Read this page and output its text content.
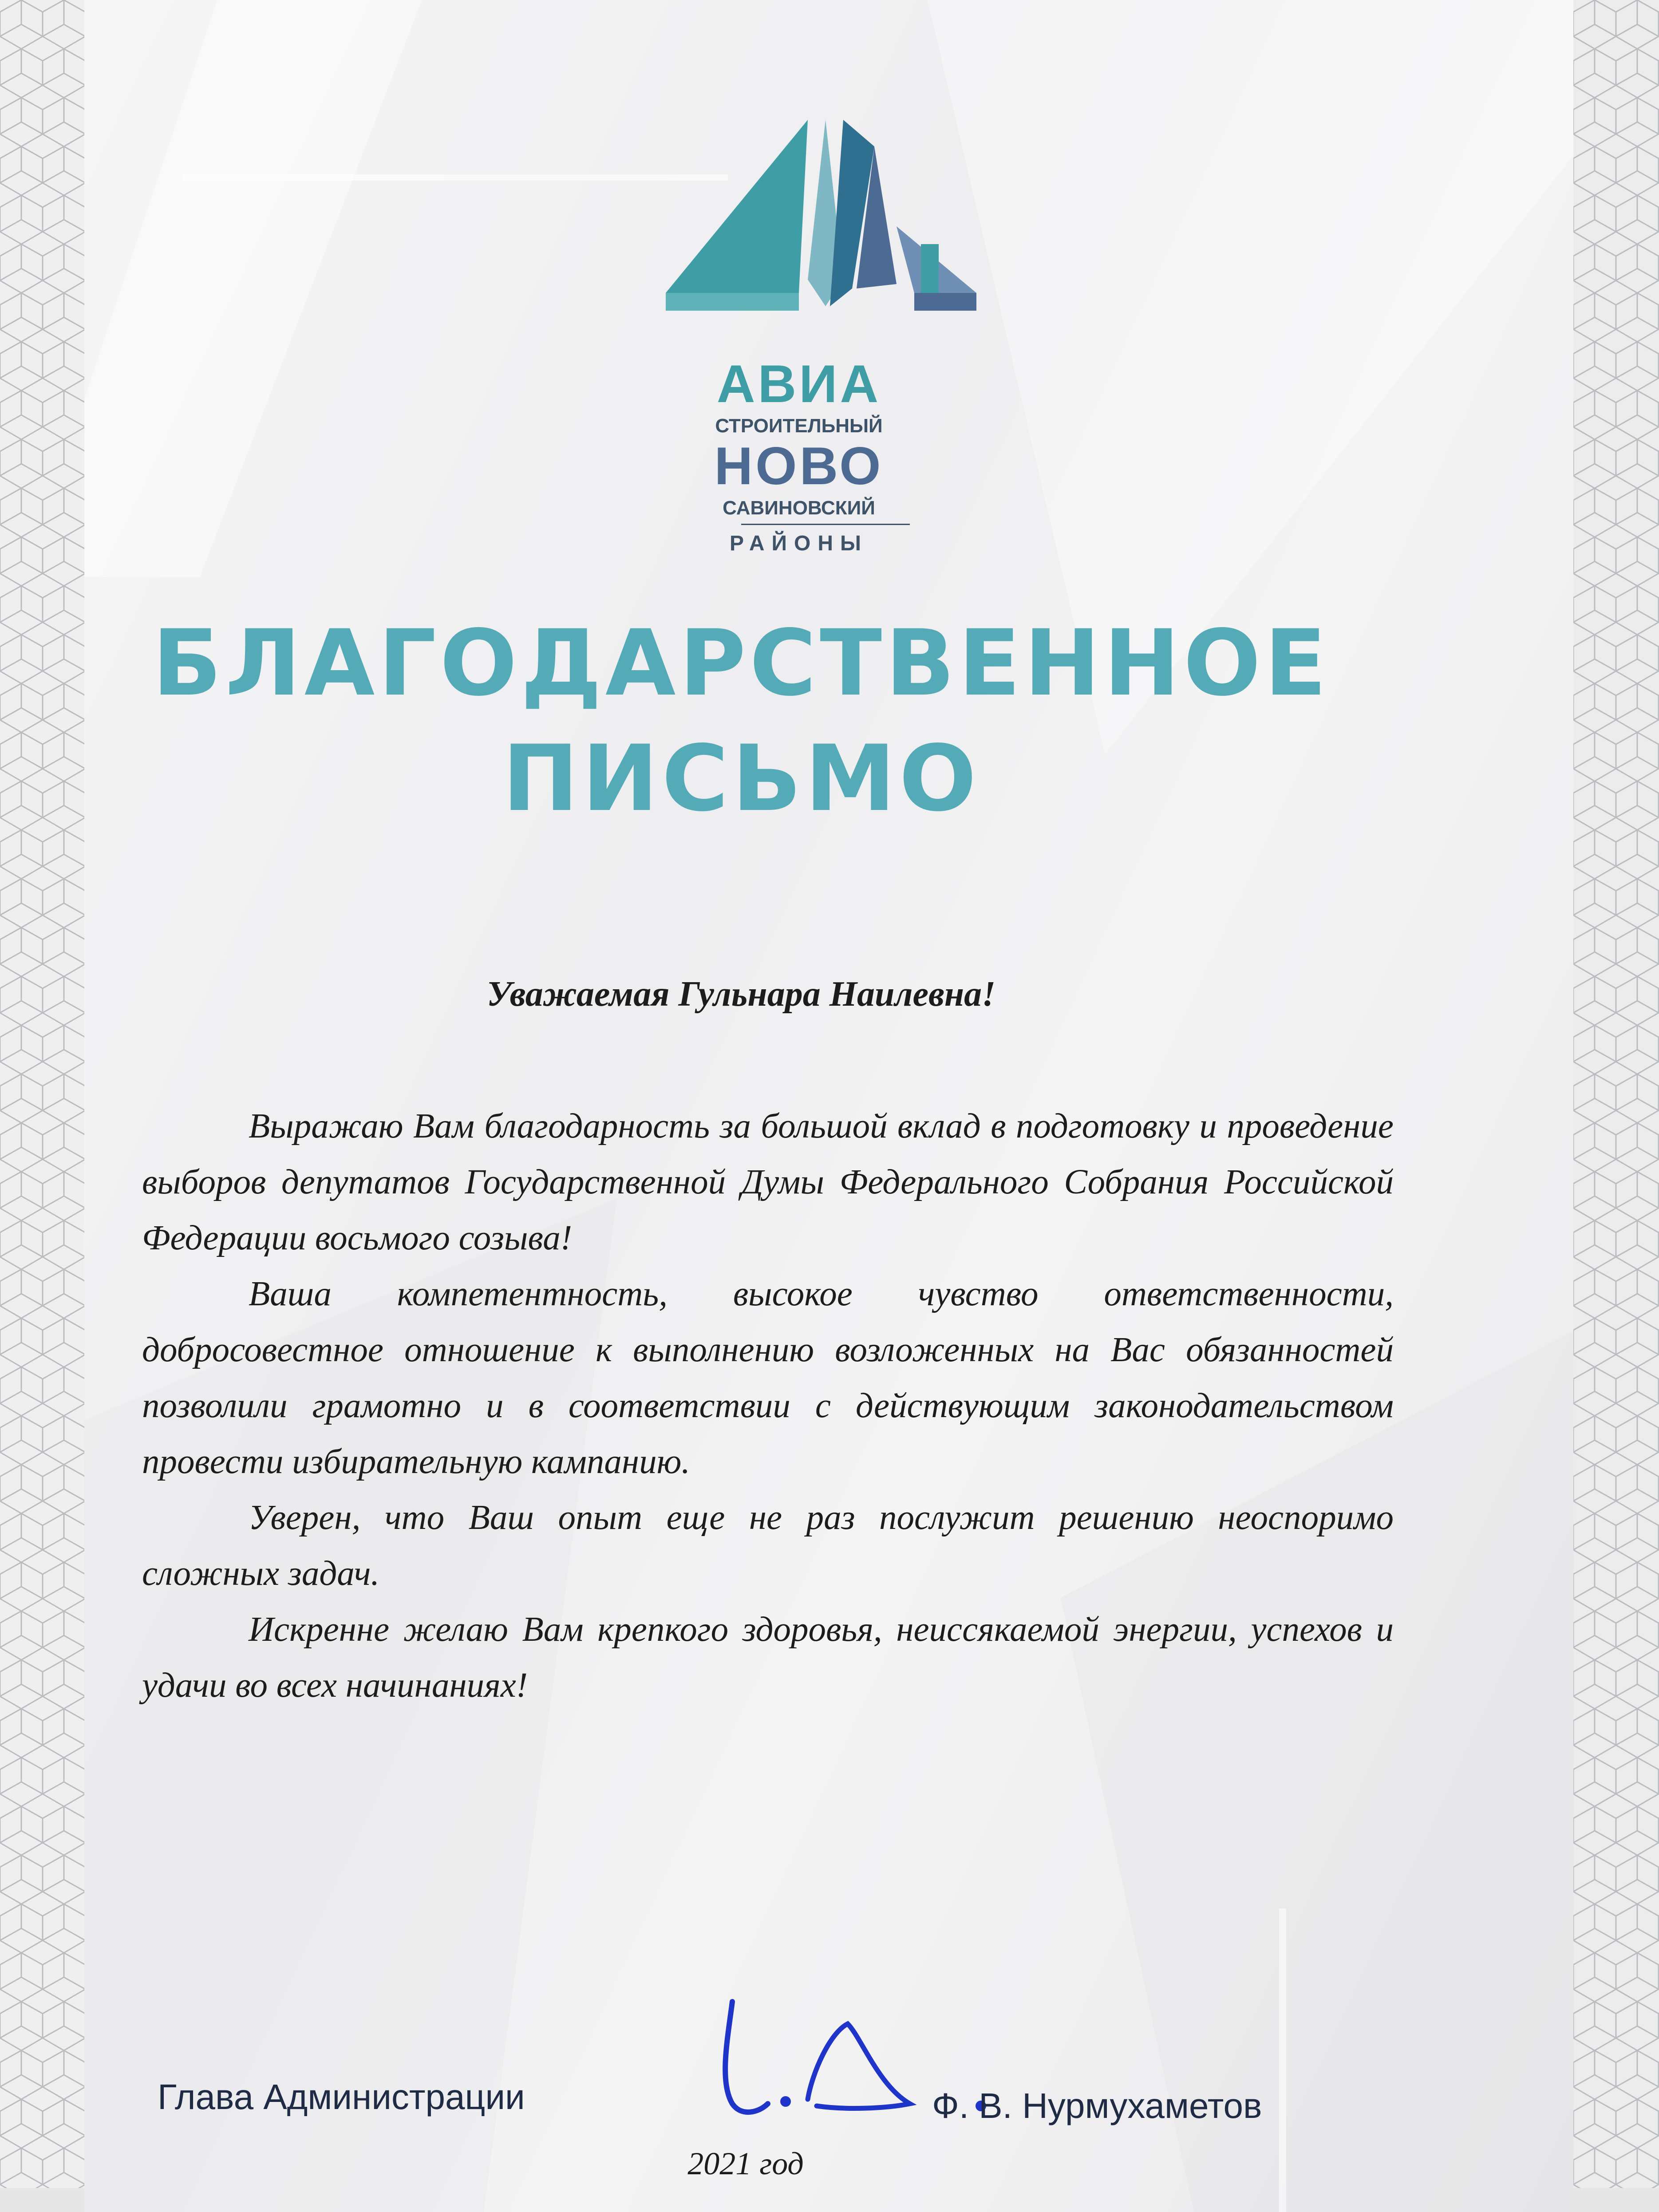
АВИА

СТРОИТЕЛЬНЫЙ

НОВО

САВИНОВСКИЙ

РАЙОНЫ

БЛАГОДАРСТВЕННОЕ
ПИСЬМО

Уважаемая Гульнара Наилевна!

Выражаю Вам благодарность за большой вклад в подготовку и проведение выборов депутатов Государственной Думы Федерального Собрания Российской Федерации восьмого созыва!

Ваша компетентность, высокое чувство ответственности, добросовестное отношение к выполнению возложенных на Вас обязанностей позволили грамотно и в соответствии с действующим законодательством провести избирательную кампанию.

Уверен, что Ваш опыт еще не раз послужит решению неоспоримо сложных задач.

Искренне желаю Вам крепкого здоровья, неиссякаемой энергии, успехов и удачи во всех начинаниях!

Глава Администрации	Ф. В. Нурмухаметов

2021 год
